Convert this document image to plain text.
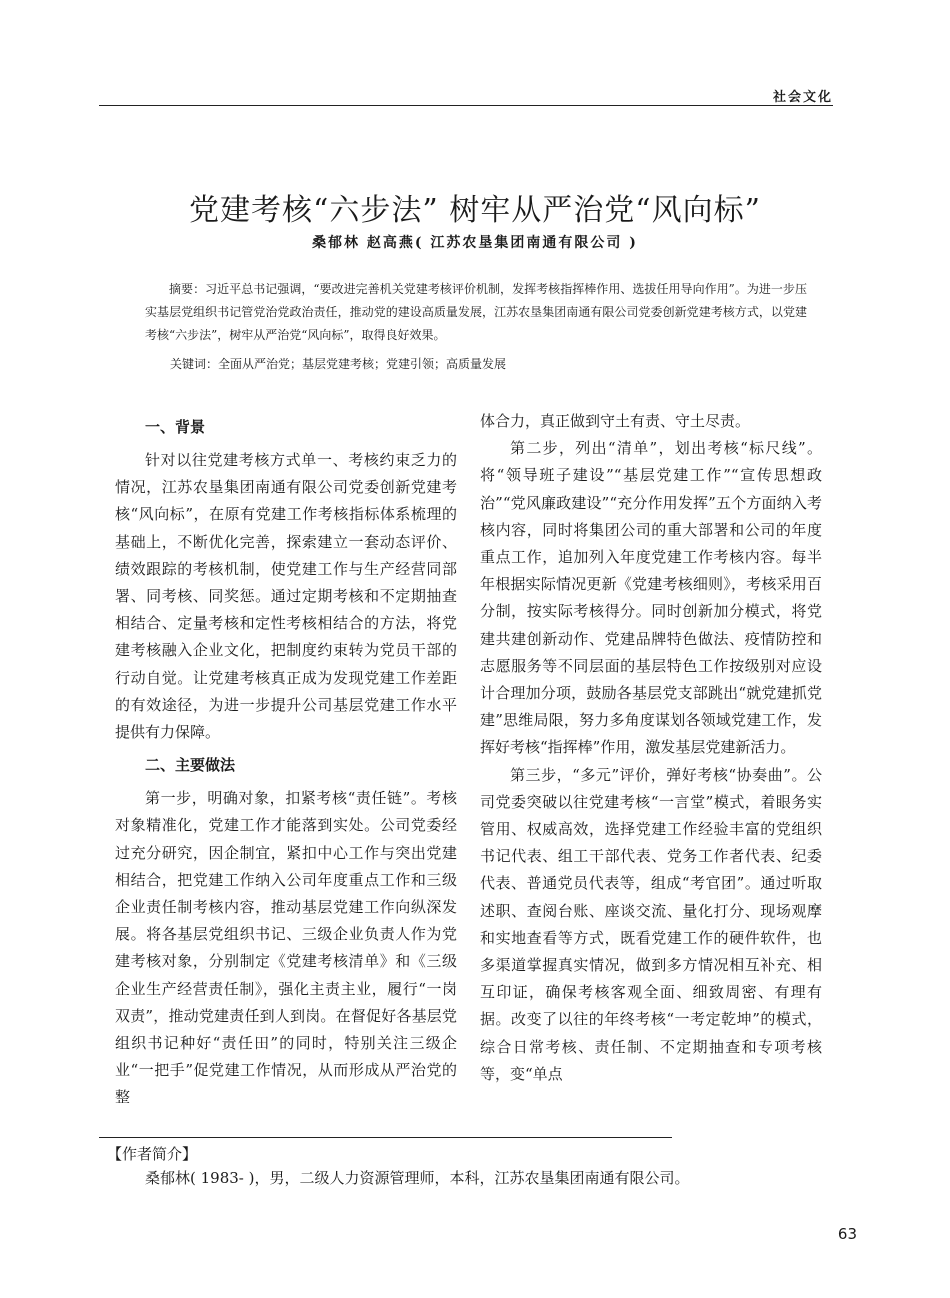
社会文化
党建考核“六步法” 树牢从严治党“风向标”
桑郁林 赵高燕( 江苏农垦集团南通有限公司 )
摘要：习近平总书记强调，“要改进完善机关党建考核评价机制，发挥考核指挥棒作用、选拔任用导向作用”。为进一步压实基层党组织书记管党治党政治责任，推动党的建设高质量发展，江苏农垦集团南通有限公司党委创新党建考核方式，以党建考核“六步法”，树牢从严治党“风向标”，取得良好效果。
关键词：全面从严治党；基层党建考核；党建引领；高质量发展
一、背景

针对以往党建考核方式单一、考核约束乏力的情况，江苏农垦集团南通有限公司党委创新党建考核“风向标”，在原有党建工作考核指标体系梳理的基础上，不断优化完善，探索建立一套动态评价、绩效跟踪的考核机制，使党建工作与生产经营同部署、同考核、同奖惩。通过定期考核和不定期抽查相结合、定量考核和定性考核相结合的方法，将党建考核融入企业文化，把制度约束转为党员干部的行动自觉。让党建考核真正成为发现党建工作差距的有效途径，为进一步提升公司基层党建工作水平提供有力保障。

二、主要做法

第一步，明确对象，扣紧考核“责任链”。考核对象精准化，党建工作才能落到实处。公司党委经过充分研究，因企制宜，紧扣中心工作与突出党建相结合，把党建工作纳入公司年度重点工作和三级企业责任制考核内容，推动基层党建工作向纵深发展。将各基层党组织书记、三级企业负责人作为党建考核对象，分别制定《党建考核清单》和《三级企业生产经营责任制》，强化主责主业，履行“一岗双责”，推动党建责任到人到岗。在督促好各基层党组织书记种好“责任田”的同时，特别关注三级企业“一把手”促党建工作情况，从而形成从严治党的整

体合力，真正做到守土有责、守土尽责。

第二步，列出“清单”，划出考核“标尺线”。将“领导班子建设”“基层党建工作”“宣传思想政治”“党风廉政建设”“充分作用发挥”五个方面纳入考核内容，同时将集团公司的重大部署和公司的年度重点工作，追加列入年度党建工作考核内容。每半年根据实际情况更新《党建考核细则》，考核采用百分制，按实际考核得分。同时创新加分模式，将党建共建创新动作、党建品牌特色做法、疫情防控和志愿服务等不同层面的基层特色工作按级别对应设计合理加分项，鼓励各基层党支部跳出“就党建抓党建”思维局限，努力多角度谋划各领域党建工作，发挥好考核“指挥棒”作用，激发基层党建新活力。

第三步，“多元”评价，弹好考核“协奏曲”。公司党委突破以往党建考核“一言堂”模式，着眼务实管用、权威高效，选择党建工作经验丰富的党组织书记代表、组工干部代表、党务工作者代表、纪委代表、普通党员代表等，组成“考官团”。通过听取述职、查阅台账、座谈交流、量化打分、现场观摩和实地查看等方式，既看党建工作的硬件软件，也多渠道掌握真实情况，做到多方情况相互补充、相互印证，确保考核客观全面、细致周密、有理有据。改变了以往的年终考核“一考定乾坤”的模式，综合日常考核、责任制、不定期抽查和专项考核等，变“单点

【作者简介】
桑郁林( 1983- )，男，二级人力资源管理师，本科，江苏农垦集团南通有限公司。
63
